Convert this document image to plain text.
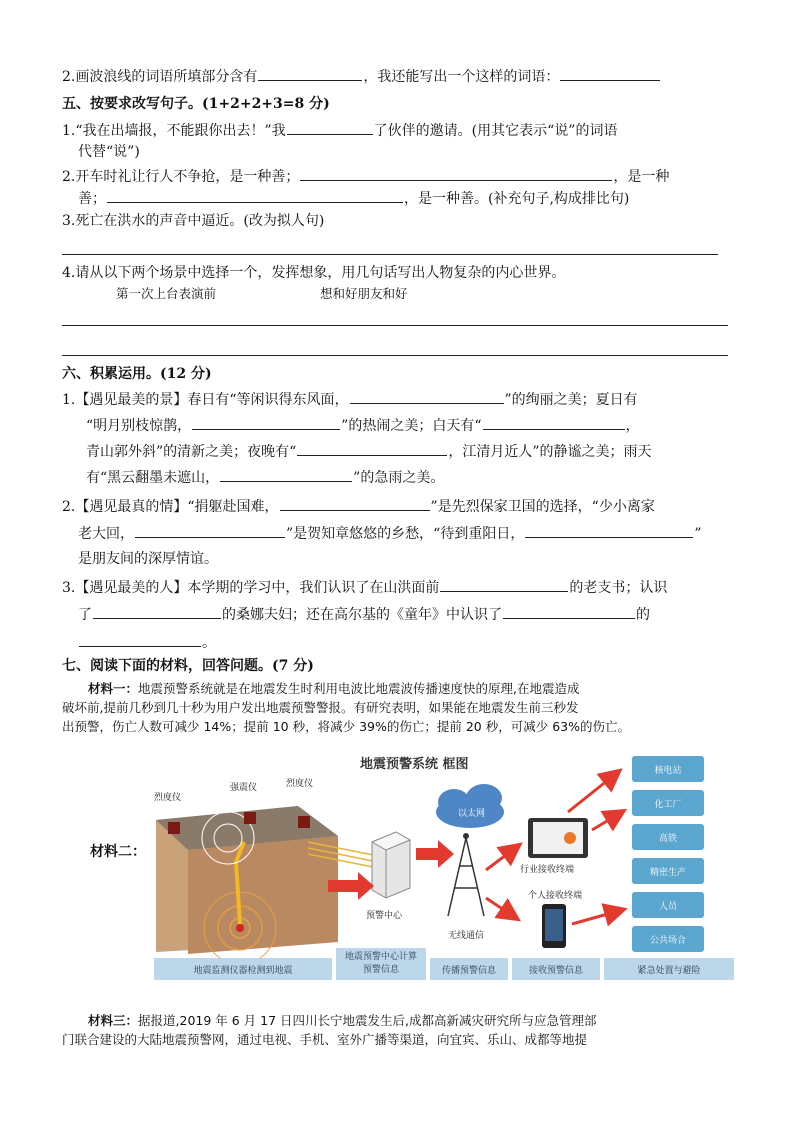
2.画波浪线的词语所填部分含有	，我还能写出一个这样的词语：
五、按要求改写句子。(1+2+2+3=8 分)
1.“我在出墙报，不能跟你出去！”我	了伙伴的邀请。(用其它表示“说”的词语
代替“说”)
2.开车时礼让行人不争抢，是一种善；	，是一种
善；	，是一种善。(补充句子,构成排比句)
3.死亡在洪水的声音中逼近。(改为拟人句)
4.请从以下两个场景中选择一个，发挥想象，用几句话写出人物复杂的内心世界。
第一次上台表演前	想和好朋友和好
六、积累运用。(12 分)
1.【遇见最美的景】春日有“等闲识得东风面，	”的绚丽之美；夏日有
“明月别枝惊鹊，	”的热闹之美；白天有“	，
青山郭外斜”的清新之美；夜晚有“	，江清月近人”的静谧之美；雨天
有“黑云翻墨未遮山，	”的急雨之美。
2.【遇见最真的情】“捐躯赴国难，	”是先烈保家卫国的选择，“少小离家
老大回，	”是贺知章悠悠的乡愁，“待到重阳日，	”
是朋友间的深厚情谊。
3.【遇见最美的人】本学期的学习中，我们认识了在山洪面前	的老支书；认识
了	的桑娜夫妇；还在高尔基的《童年》中认识了	的
。
七、阅读下面的材料，回答问题。(7 分)
材料一：地震预警系统就是在地震发生时利用电波比地震波传播速度快的原理,在地震造成
破坏前,提前几秒到几十秒为用户发出地震预警警报。有研究表明，如果能在地震发生前三秒发
出预警，伤亡人数可减少 14%；提前 10 秒，将减少 39%的伤亡；提前 20 秒，可减少 63%的伤亡。
材料二：
地震预警系统 框图
烈度仪
强震仪	烈度仪
预警中心
以太网
无线通信
行业接收终端
个人接收终端
核电站
化工厂
高铁
精密生产
人员
公共场合
地震监测仪器检测到地震
地震预警中心计算预警信息	传播预警信息	接收预警信息	紧急处置与避险
材料三：据报道,2019 年 6 月 17 日四川长宁地震发生后,成都高新减灾研究所与应急管理部
门联合建设的大陆地震预警网，通过电视、手机、室外广播等渠道，向宜宾、乐山、成都等地提
